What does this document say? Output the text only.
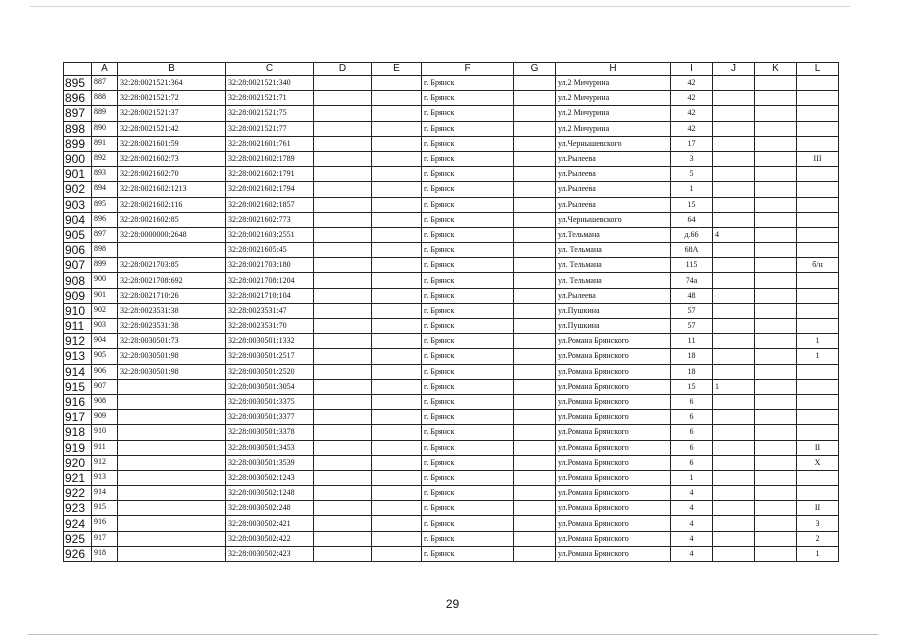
	A	B	C	D	E	F	G	H	I	J	K	L
895	887	32:28:0021521:364	32:28:0021521:340			г. Брянск		ул.2 Мичурина	42			
896	888	32:28:0021521:72	32:28:0021521:71			г. Брянск		ул.2 Мичурина	42			
897	889	32:28:0021521:37	32:28:0021521:75			г. Брянск		ул.2 Мичурина	42			
898	890	32:28:0021521:42	32:28:0021521:77			г. Брянск		ул.2 Мичурина	42			
899	891	32:28:0021601:59	32:28:0021601:761			г. Брянск		ул.Чернышевского	17			
900	892	32:28:0021602:73	32:28:0021602:1789			г. Брянск		ул.Рылеева	3			III
901	893	32:28:0021602:70	32:28:0021602:1791			г. Брянск		ул.Рылеева	5			
902	894	32:28:0021602:1213	32:28:0021602:1794			г. Брянск		ул.Рылеева	1			
903	895	32:28:0021602:116	32:28:0021602:1857			г. Брянск		ул.Рылеева	15			
904	896	32:28:0021602:85	32:28:0021602:773			г. Брянск		ул.Чернышевского	64			
905	897	32:28:0000000:2648	32:28:0021603:2551			г. Брянск		ул.Тельмана	д.66	4		
906	898		32:28:0021605:45			г. Брянск		ул. Тельмана	68А			
907	899	32:28:0021703:85	32:28:0021703:180			г. Брянск		ул. Тельмана	115			б/н
908	900	32:28:0021708:692	32:28:0021708:1204			г. Брянск		ул. Тельмана	74а			
909	901	32:28:0021710:26	32:28:0021710:104			г. Брянск		ул.Рылеева	48			
910	902	32:28:0023531:38	32:28:0023531:47			г. Брянск		ул.Пушкина	57			
911	903	32:28:0023531:38	32:28:0023531:70			г. Брянск		ул.Пушкина	57			
912	904	32:28:0030501:73	32:28:0030501:1332			г. Брянск		ул.Романа Брянского	11			1
913	905	32:28:0030501:98	32:28:0030501:2517			г. Брянск		ул.Романа Брянского	18			1
914	906	32:28:0030501:98	32:28:0030501:2520			г. Брянск		ул.Романа Брянского	18			
915	907		32:28:0030501:3054			г. Брянск		ул.Романа Брянского	15	1		
916	908		32:28:0030501:3375			г. Брянск		ул.Романа Брянского	6			
917	909		32:28:0030501:3377			г. Брянск		ул.Романа Брянского	6			
918	910		32:28:0030501:3378			г. Брянск		ул.Романа Брянского	6			
919	911		32:28:0030501:3453			г. Брянск		ул.Романа Брянского	6			II
920	912		32:28:0030501:3539			г. Брянск		ул.Романа Брянского	6			X
921	913		32:28:0030502:1243			г. Брянск		ул.Романа Брянского	1			
922	914		32:28:0030502:1248			г. Брянск		ул.Романа Брянского	4			
923	915		32:28:0030502:248			г. Брянск		ул.Романа Брянского	4			II
924	916		32:28:0030502:421			г. Брянск		ул.Романа Брянского	4			3
925	917		32:28:0030502:422			г. Брянск		ул.Романа Брянского	4			2
926	918		32:28:0030502:423			г. Брянск		ул.Романа Брянского	4			1
29
